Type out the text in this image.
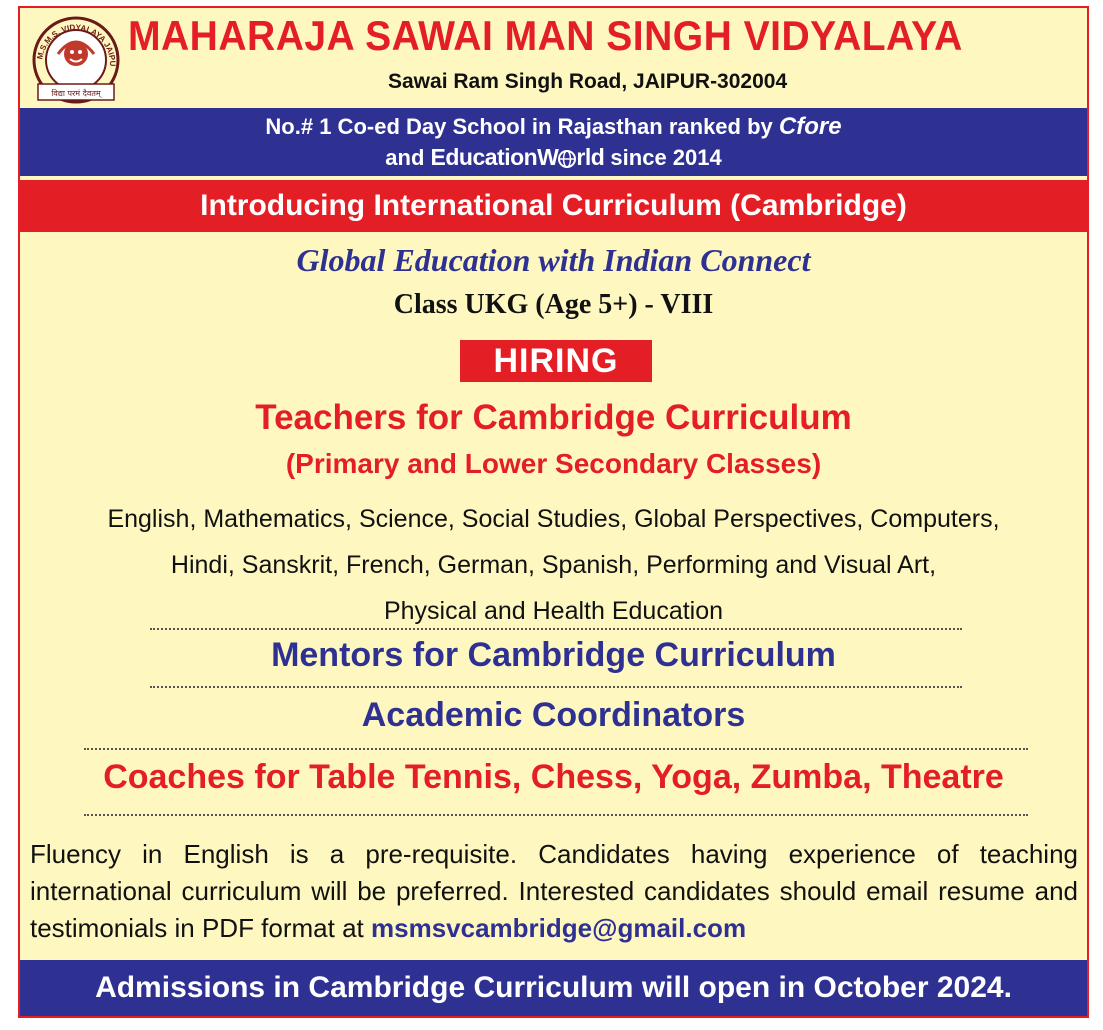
M.S.M.S. VIDYALAYA JAIPU
विद्या परमं दैवतम्
MAHARAJA SAWAI MAN SINGH VIDYALAYA
Sawai Ram Singh Road, JAIPUR-302004
No.# 1 Co-ed Day School in Rajasthan ranked by Cfore
and EducationW rld since 2014
Introducing International Curriculum (Cambridge)
Global Education with Indian Connect
Class UKG (Age 5+) - VIII
HIRING
Teachers for Cambridge Curriculum
(Primary and Lower Secondary Classes)
English, Mathematics, Science, Social Studies, Global Perspectives, Computers,
Hindi, Sanskrit, French, German, Spanish, Performing and Visual Art,
Physical and Health Education
Mentors for Cambridge Curriculum
Academic Coordinators
Coaches for Table Tennis, Chess, Yoga, Zumba, Theatre
Fluency in English is a pre-requisite. Candidates having experience of teaching international curriculum will be preferred. Interested candidates should email resume and testimonials in PDF format at msmsvcambridge@gmail.com
Admissions in Cambridge Curriculum will open in October 2024.
